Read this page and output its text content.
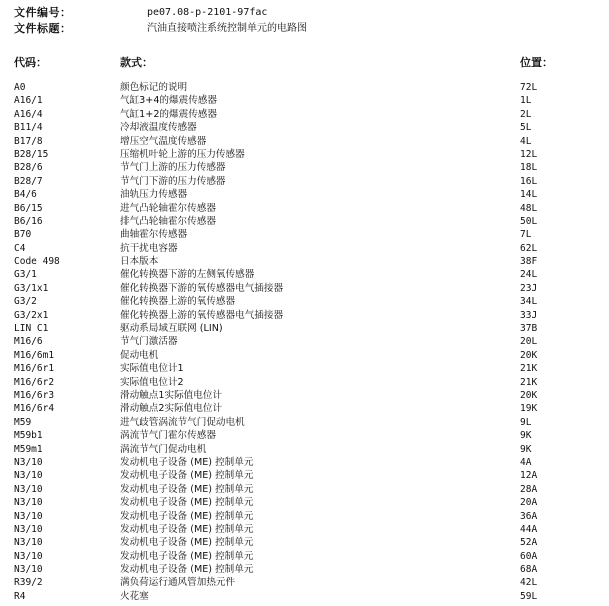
文件编号：	pe07.08-p-2101-97fac
文件标题：	汽油直接喷注系统控制单元的电路图
代码：	款式：	位置：
A0	颜色标记的说明	72L
A16/1	气缸3+4的爆震传感器	1L
A16/4	气缸1+2的爆震传感器	2L
B11/4	冷却液温度传感器	5L
B17/8	增压空气温度传感器	4L
B28/15	压缩机叶轮上游的压力传感器	12L
B28/6	节气门上游的压力传感器	18L
B28/7	节气门下游的压力传感器	16L
B4/6	油轨压力传感器	14L
B6/15	进气凸轮轴霍尔传感器	48L
B6/16	排气凸轮轴霍尔传感器	50L
B70	曲轴霍尔传感器	7L
C4	抗干扰电容器	62L
Code 498	日本版本	38F
G3/1	催化转换器下游的左侧氧传感器	24L
G3/1x1	催化转换器下游的氧传感器电气插接器	23J
G3/2	催化转换器上游的氧传感器	34L
G3/2x1	催化转换器上游的氧传感器电气插接器	33J
LIN C1	驱动系局域互联网 (LIN)	37B
M16/6	节气门激活器	20L
M16/6m1	促动电机	20K
M16/6r1	实际值电位计1	21K
M16/6r2	实际值电位计2	21K
M16/6r3	滑动触点1实际值电位计	20K
M16/6r4	滑动触点2实际值电位计	19K
M59	进气歧管涡流节气门促动电机	9L
M59b1	涡流节气门霍尔传感器	9K
M59m1	涡流节气门促动电机	9K
N3/10	发动机电子设备 (ME) 控制单元	4A
N3/10	发动机电子设备 (ME) 控制单元	12A
N3/10	发动机电子设备 (ME) 控制单元	28A
N3/10	发动机电子设备 (ME) 控制单元	20A
N3/10	发动机电子设备 (ME) 控制单元	36A
N3/10	发动机电子设备 (ME) 控制单元	44A
N3/10	发动机电子设备 (ME) 控制单元	52A
N3/10	发动机电子设备 (ME) 控制单元	60A
N3/10	发动机电子设备 (ME) 控制单元	68A
R39/2	满负荷运行通风管加热元件	42L
R4	火花塞	59L
